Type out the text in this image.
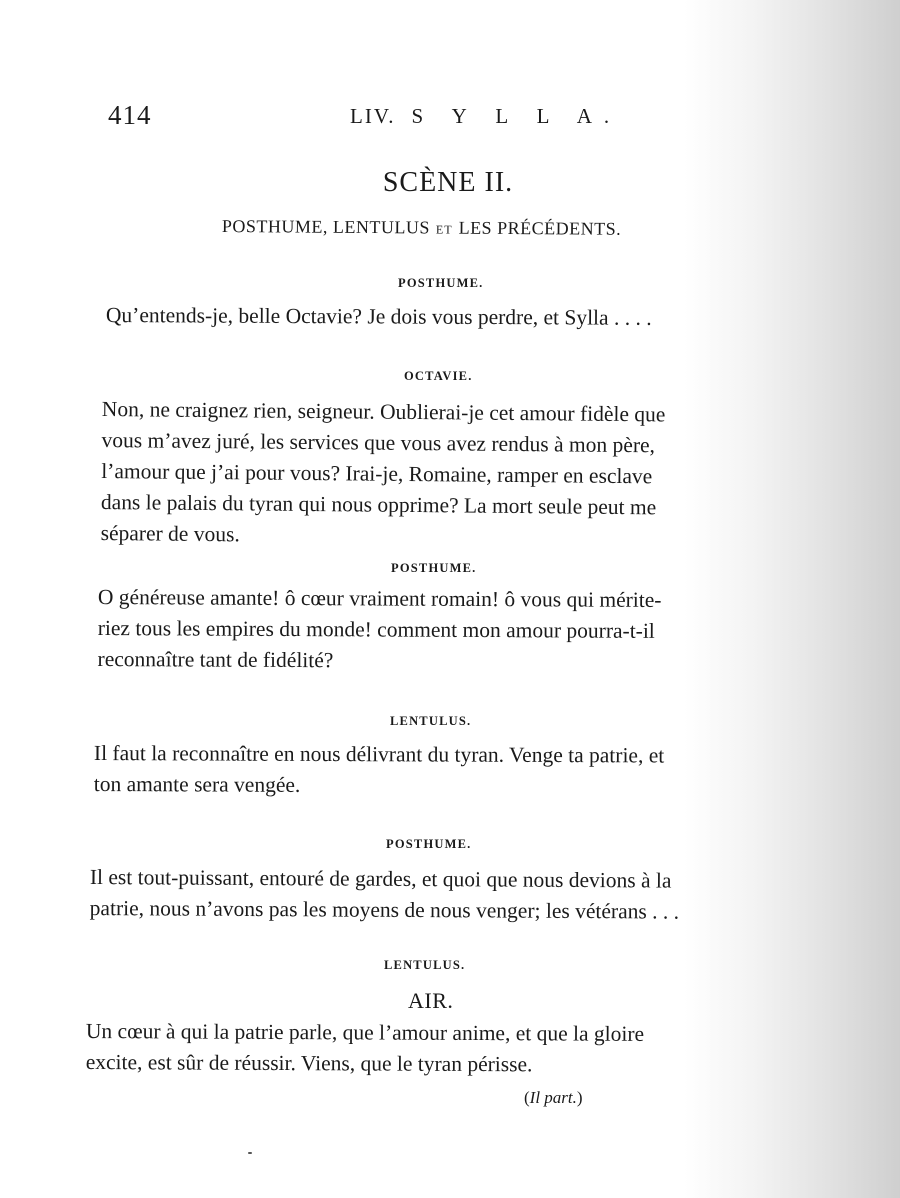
414	LIV. S Y L L A.
SCÈNE II.
POSTHUME, LENTULUS ET LES PRÉCÉDENTS.
POSTHUME.
Qu’entends-je, belle Octavie? Je dois vous perdre, et Sylla . . . .
OCTAVIE.
Non, ne craignez rien, seigneur. Oublierai-je cet amour fidèle que
vous m’avez juré, les services que vous avez rendus à mon père,
l’amour que j’ai pour vous? Irai-je, Romaine, ramper en esclave
dans le palais du tyran qui nous opprime? La mort seule peut me
séparer de vous.
POSTHUME.
O généreuse amante! ô cœur vraiment romain! ô vous qui mérite-
riez tous les empires du monde! comment mon amour pourra-t-il
reconnaître tant de fidélité?
LENTULUS.
Il faut la reconnaître en nous délivrant du tyran. Venge ta patrie, et
ton amante sera vengée.
POSTHUME.
Il est tout-puissant, entouré de gardes, et quoi que nous devions à la
patrie, nous n’avons pas les moyens de nous venger; les vétérans . . .
LENTULUS.
AIR.
Un cœur à qui la patrie parle, que l’amour anime, et que la gloire
excite, est sûr de réussir. Viens, que le tyran périsse.
(Il part.)
